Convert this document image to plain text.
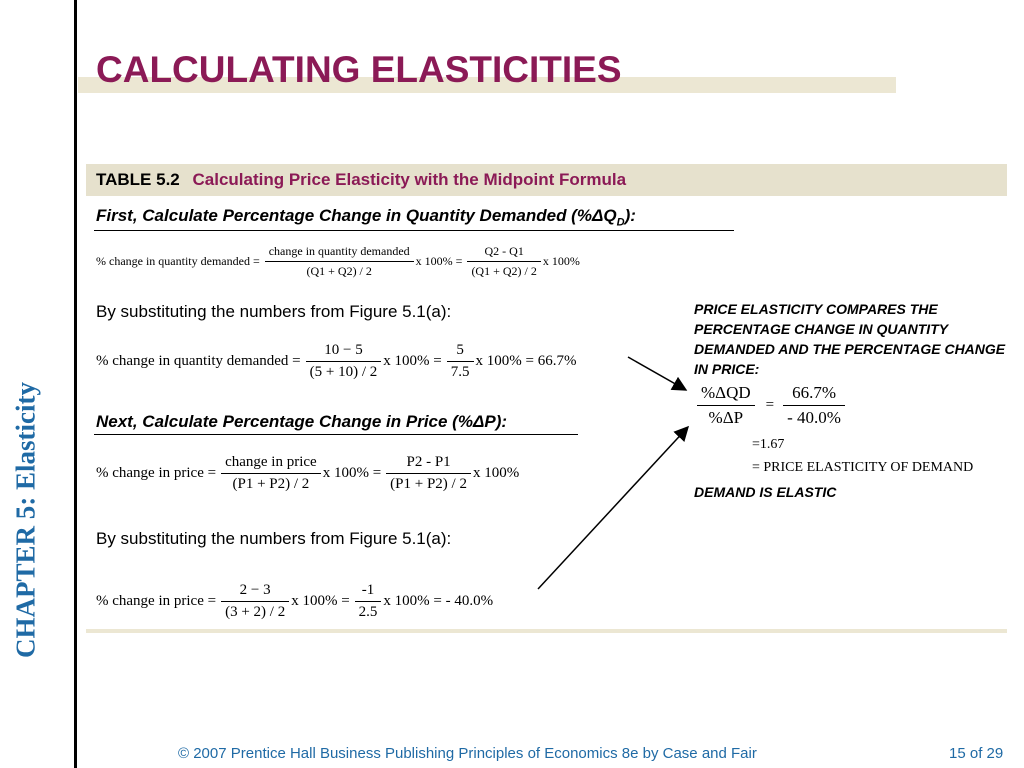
CHAPTER 5: Elasticity
CALCULATING ELASTICITIES
TABLE 5.2 Calculating Price Elasticity with the Midpoint Formula
First, Calculate Percentage Change in Quantity Demanded $(\%\Delta Q_D)$:
% change in quantity demanded = $\frac{\text{change in quantity demanded}}{(Q1 + Q2) / 2}$ x $100\% = \frac{Q2 - Q1}{(Q1 + Q2) / 2}$ x 100%
By substituting the numbers from Figure 5.1(a):
% change in quantity demanded = $\frac{10 - 5}{(5 + 10) / 2}$ x $100\% = \frac{5}{7.5}$ x 100% = 66.7%
Next, Calculate Percentage Change in Price (%ΔP):
% change in price = $\frac{\text{change in price}}{(P1 + P2) / 2}$ x $100\% = \frac{P2 - P1}{(P1 + P2) / 2}$ x 100%
By substituting the numbers from Figure 5.1(a):
% change in price = $\frac{2 - 3}{(3 + 2) / 2}$ x $100\% = \frac{-1}{2.5}$ x 100% = - 40.0%
PRICE ELASTICITY COMPARES THE PERCENTAGE CHANGE IN QUANTITY DEMANDED AND THE PERCENTAGE CHANGE IN PRICE:
$\frac{\text{\%ΔQD}}{\%\Delta P} = \frac{66.7\%}{- 40.0\%}$
=1.67
= PRICE ELASTICITY OF DEMAND
DEMAND IS ELASTIC
© 2007 Prentice Hall Business Publishing Principles of Economics 8e by Case and Fair	15 of 29
